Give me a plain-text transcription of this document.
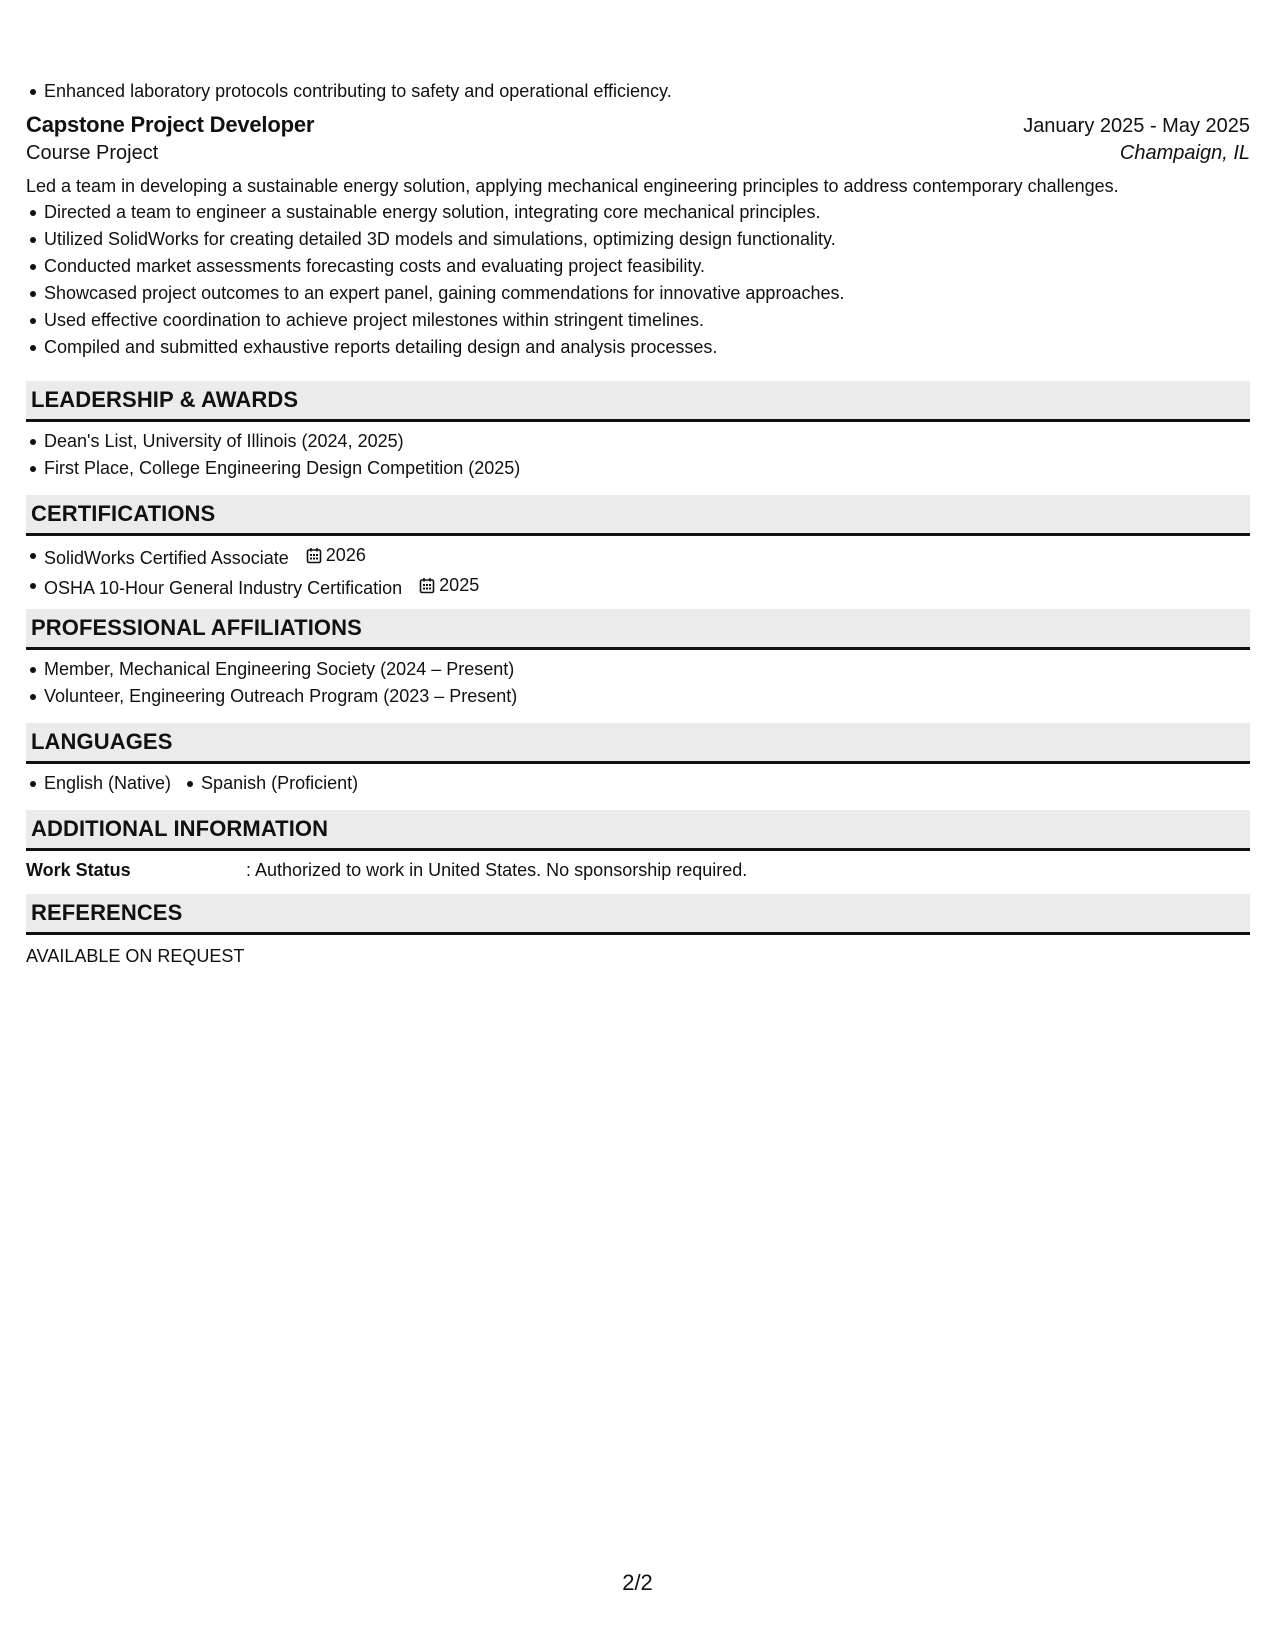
Enhanced laboratory protocols contributing to safety and operational efficiency.
Capstone Project Developer	January 2025 - May 2025
Course Project	Champaign, IL
Led a team in developing a sustainable energy solution, applying mechanical engineering principles to address contemporary challenges.
Directed a team to engineer a sustainable energy solution, integrating core mechanical principles.
Utilized SolidWorks for creating detailed 3D models and simulations, optimizing design functionality.
Conducted market assessments forecasting costs and evaluating project feasibility.
Showcased project outcomes to an expert panel, gaining commendations for innovative approaches.
Used effective coordination to achieve project milestones within stringent timelines.
Compiled and submitted exhaustive reports detailing design and analysis processes.
LEADERSHIP & AWARDS
Dean's List, University of Illinois (2024, 2025)
First Place, College Engineering Design Competition (2025)
CERTIFICATIONS
SolidWorks Certified Associate 2026
OSHA 10-Hour General Industry Certification 2025
PROFESSIONAL AFFILIATIONS
Member, Mechanical Engineering Society (2024 – Present)
Volunteer, Engineering Outreach Program (2023 – Present)
LANGUAGES
English (Native) Spanish (Proficient)
ADDITIONAL INFORMATION
Work Status	: Authorized to work in United States. No sponsorship required.
REFERENCES
AVAILABLE ON REQUEST
2/2
